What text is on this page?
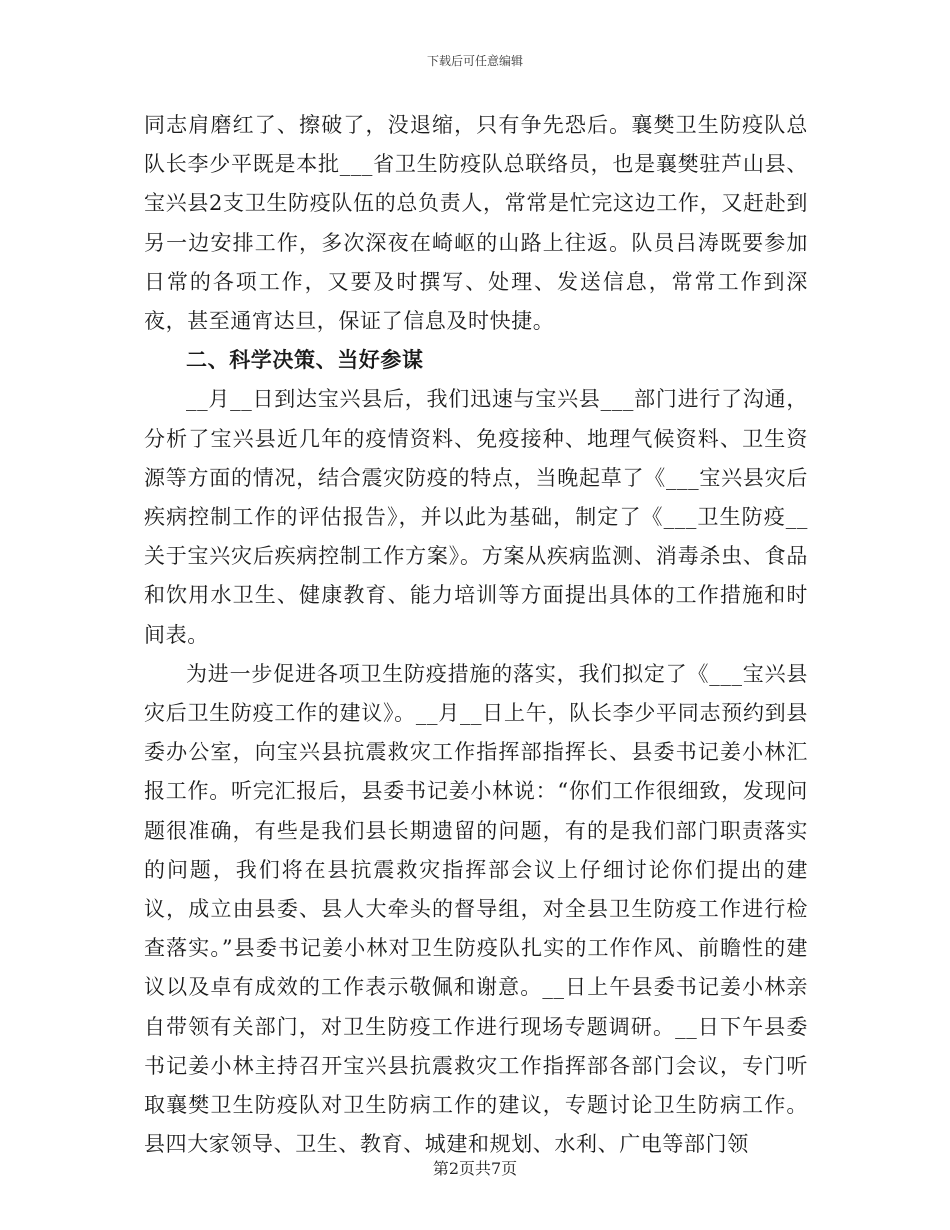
下载后可任意编辑

同志肩磨红了、擦破了，没退缩，只有争先恐后。襄樊卫生防疫队总队长李少平既是本批___省卫生防疫队总联络员，也是襄樊驻芦山县、宝兴县2支卫生防疫队伍的总负责人，常常是忙完这边工作，又赶赴到另一边安排工作，多次深夜在崎岖的山路上往返。队员吕涛既要参加日常的各项工作，又要及时撰写、处理、发送信息，常常工作到深夜，甚至通宵达旦，保证了信息及时快捷。

二、科学决策、当好参谋

__月__日到达宝兴县后，我们迅速与宝兴县___部门进行了沟通，分析了宝兴县近几年的疫情资料、免疫接种、地理气候资料、卫生资源等方面的情况，结合震灾防疫的特点，当晚起草了《___宝兴县灾后疾病控制工作的评估报告》，并以此为基础，制定了《___卫生防疫__关于宝兴灾后疾病控制工作方案》。方案从疾病监测、消毒杀虫、食品和饮用水卫生、健康教育、能力培训等方面提出具体的工作措施和时间表。

为进一步促进各项卫生防疫措施的落实，我们拟定了《___宝兴县灾后卫生防疫工作的建议》。__月__日上午，队长李少平同志预约到县委办公室，向宝兴县抗震救灾工作指挥部指挥长、县委书记姜小林汇报工作。听完汇报后，县委书记姜小林说：“你们工作很细致，发现问题很准确，有些是我们县长期遗留的问题，有的是我们部门职责落实的问题，我们将在县抗震救灾指挥部会议上仔细讨论你们提出的建议，成立由县委、县人大牵头的督导组，对全县卫生防疫工作进行检查落实。”县委书记姜小林对卫生防疫队扎实的工作作风、前瞻性的建议以及卓有成效的工作表示敬佩和谢意。__日上午县委书记姜小林亲自带领有关部门，对卫生防疫工作进行现场专题调研。__日下午县委书记姜小林主持召开宝兴县抗震救灾工作指挥部各部门会议，专门听取襄樊卫生防疫队对卫生防病工作的建议，专题讨论卫生防病工作。县四大家领导、卫生、教育、城建和规划、水利、广电等部门领

第2页共7页
